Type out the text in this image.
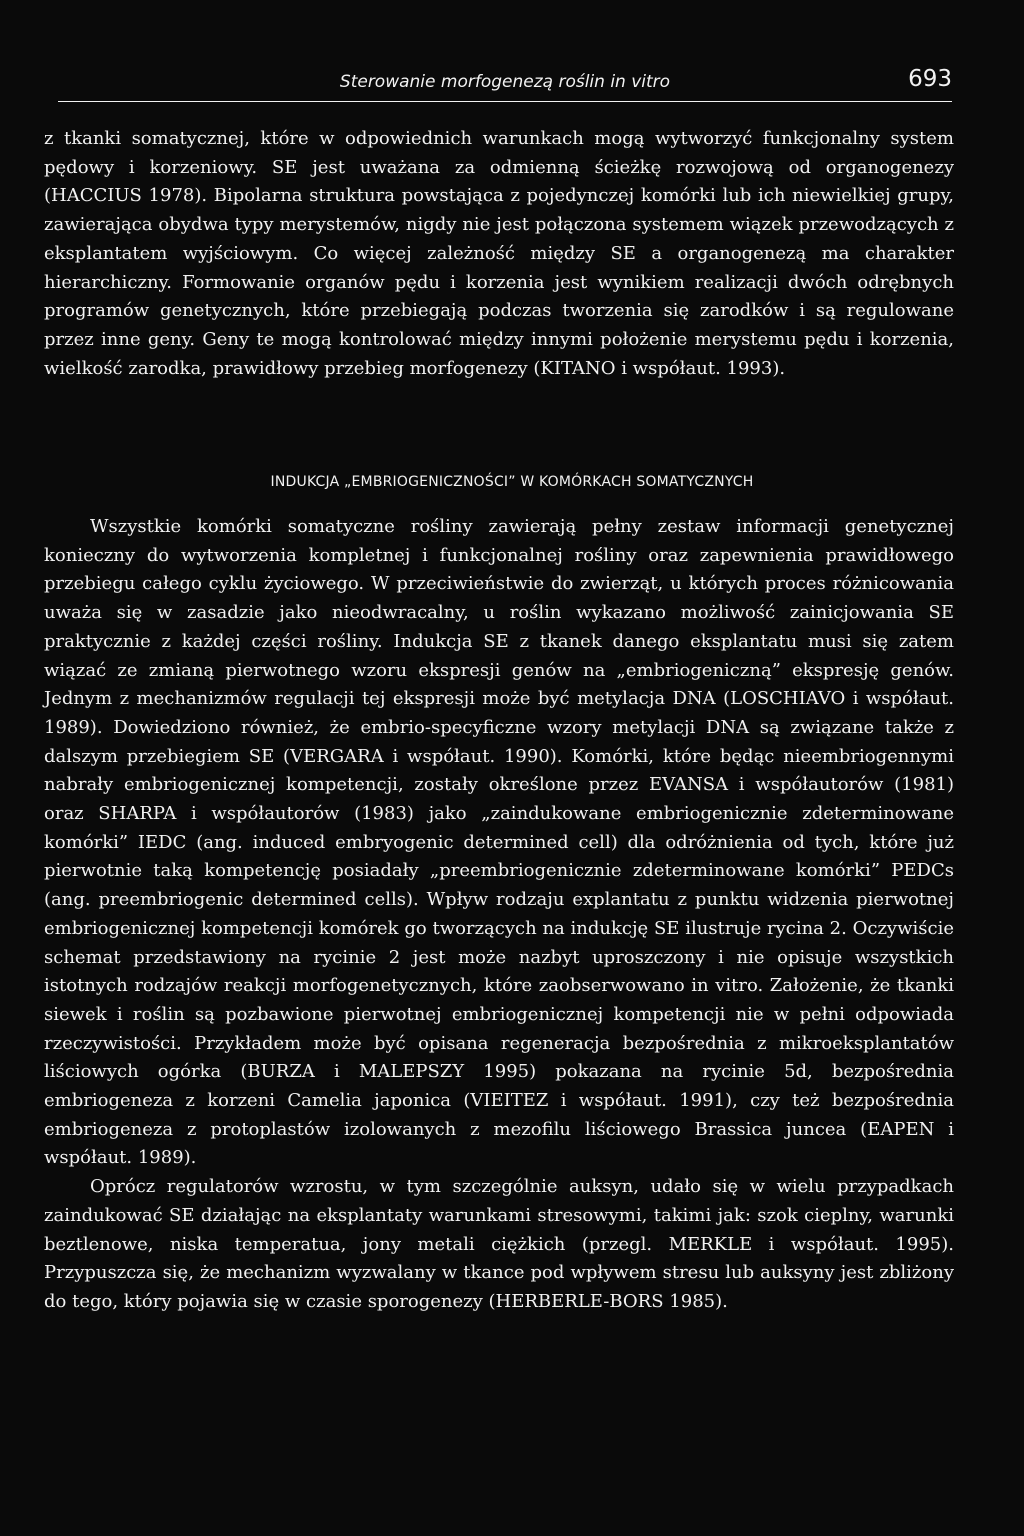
Sterowanie morfogenezą roślin in vitro	693

z tkanki somatycznej, które w odpowiednich warunkach mogą wytworzyć funkcjonalny system pędowy i korzeniowy. SE jest uważana za odmienną ścieżkę rozwojową od organogenezy (HACCIUS 1978). Bipolarna struktura powstająca z pojedynczej komórki lub ich niewielkiej grupy, zawierająca obydwa typy merystemów, nigdy nie jest połączona systemem wiązek przewodzących z eksplantatem wyjściowym. Co więcej zależność między SE a organogenezą ma charakter hierarchiczny. Formowanie organów pędu i korzenia jest wynikiem realizacji dwóch odrębnych programów genetycznych, które przebiegają podczas tworzenia się zarodków i są regulowane przez inne geny. Geny te mogą kontrolować między innymi położenie merystemu pędu i korzenia, wielkość zarodka, prawidłowy przebieg morfogenezy (KITANO i współaut. 1993).

INDUKCJA „EMBRIOGENICZNOŚCI” W KOMÓRKACH SOMATYCZNYCH

Wszystkie komórki somatyczne rośliny zawierają pełny zestaw informacji genetycznej konieczny do wytworzenia kompletnej i funkcjonalnej rośliny oraz zapewnienia prawidłowego przebiegu całego cyklu życiowego. W przeciwieństwie do zwierząt, u których proces różnicowania uważa się w zasadzie jako nieodwracalny, u roślin wykazano możliwość zainicjowania SE praktycznie z każdej części rośliny. Indukcja SE z tkanek danego eksplantatu musi się zatem wiązać ze zmianą pierwotnego wzoru ekspresji genów na „embriogeniczną” ekspresję genów. Jednym z mechanizmów regulacji tej ekspresji może być metylacja DNA (LOSCHIAVO i współaut. 1989). Dowiedziono również, że embrio-specyficzne wzory metylacji DNA są związane także z dalszym przebiegiem SE (VERGARA i współaut. 1990). Komórki, które będąc nieembriogennymi nabrały embriogenicznej kompetencji, zostały określone przez EVANSA i współautorów (1981) oraz SHARPA i współautorów (1983) jako „zaindukowane embriogenicznie zdeterminowane komórki” IEDC (ang. induced embryogenic determined cell) dla odróżnienia od tych, które już pierwotnie taką kompetencję posiadały „preembriogenicznie zdeterminowane komórki” PEDCs (ang. preembriogenic determined cells). Wpływ rodzaju explantatu z punktu widzenia pierwotnej embriogenicznej kompetencji komórek go tworzących na indukcję SE ilustruje rycina 2. Oczywiście schemat przedstawiony na rycinie 2 jest może nazbyt uproszczony i nie opisuje wszystkich istotnych rodzajów reakcji morfogenetycznych, które zaobserwowano in vitro. Założenie, że tkanki siewek i roślin są pozbawione pierwotnej embriogenicznej kompetencji nie w pełni odpowiada rzeczywistości. Przykładem może być opisana regeneracja bezpośrednia z mikroeksplantatów liściowych ogórka (BURZA i MALEPSZY 1995) pokazana na rycinie 5d, bezpośrednia embriogeneza z korzeni Camelia japonica (VIEITEZ i współaut. 1991), czy też bezpośrednia embriogeneza z protoplastów izolowanych z mezofilu liściowego Brassica juncea (EAPEN i współaut. 1989).

Oprócz regulatorów wzrostu, w tym szczególnie auksyn, udało się w wielu przypadkach zaindukować SE działając na eksplantaty warunkami stresowymi, takimi jak: szok cieplny, warunki beztlenowe, niska temperatua, jony metali ciężkich (przegl. MERKLE i współaut. 1995). Przypuszcza się, że mechanizm wyzwalany w tkance pod wpływem stresu lub auksyny jest zbliżony do tego, który pojawia się w czasie sporogenezy (HERBERLE-BORS 1985).
